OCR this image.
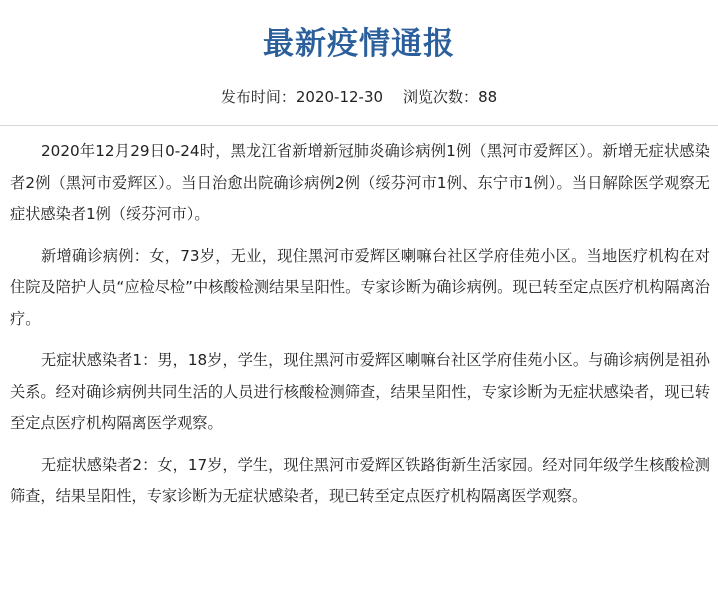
最新疫情通报
发布时间：2020-12-30 浏览次数：88

2020年12月29日0-24时，黑龙江省新增新冠肺炎确诊病例1例（黑河市爱辉区）。新增无症状感染者2例（黑河市爱辉区）。当日治愈出院确诊病例2例（绥芬河市1例、东宁市1例）。当日解除医学观察无症状感染者1例（绥芬河市）。

新增确诊病例：女，73岁，无业，现住黑河市爱辉区喇嘛台社区学府佳苑小区。当地医疗机构在对住院及陪护人员“应检尽检”中核酸检测结果呈阳性。专家诊断为确诊病例。现已转至定点医疗机构隔离治疗。

无症状感染者1：男，18岁，学生，现住黑河市爱辉区喇嘛台社区学府佳苑小区。与确诊病例是祖孙关系。经对确诊病例共同生活的人员进行核酸检测筛查，结果呈阳性，专家诊断为无症状感染者，现已转至定点医疗机构隔离医学观察。

无症状感染者2：女，17岁，学生，现住黑河市爱辉区铁路街新生活家园。经对同年级学生核酸检测筛查，结果呈阳性，专家诊断为无症状感染者，现已转至定点医疗机构隔离医学观察。
